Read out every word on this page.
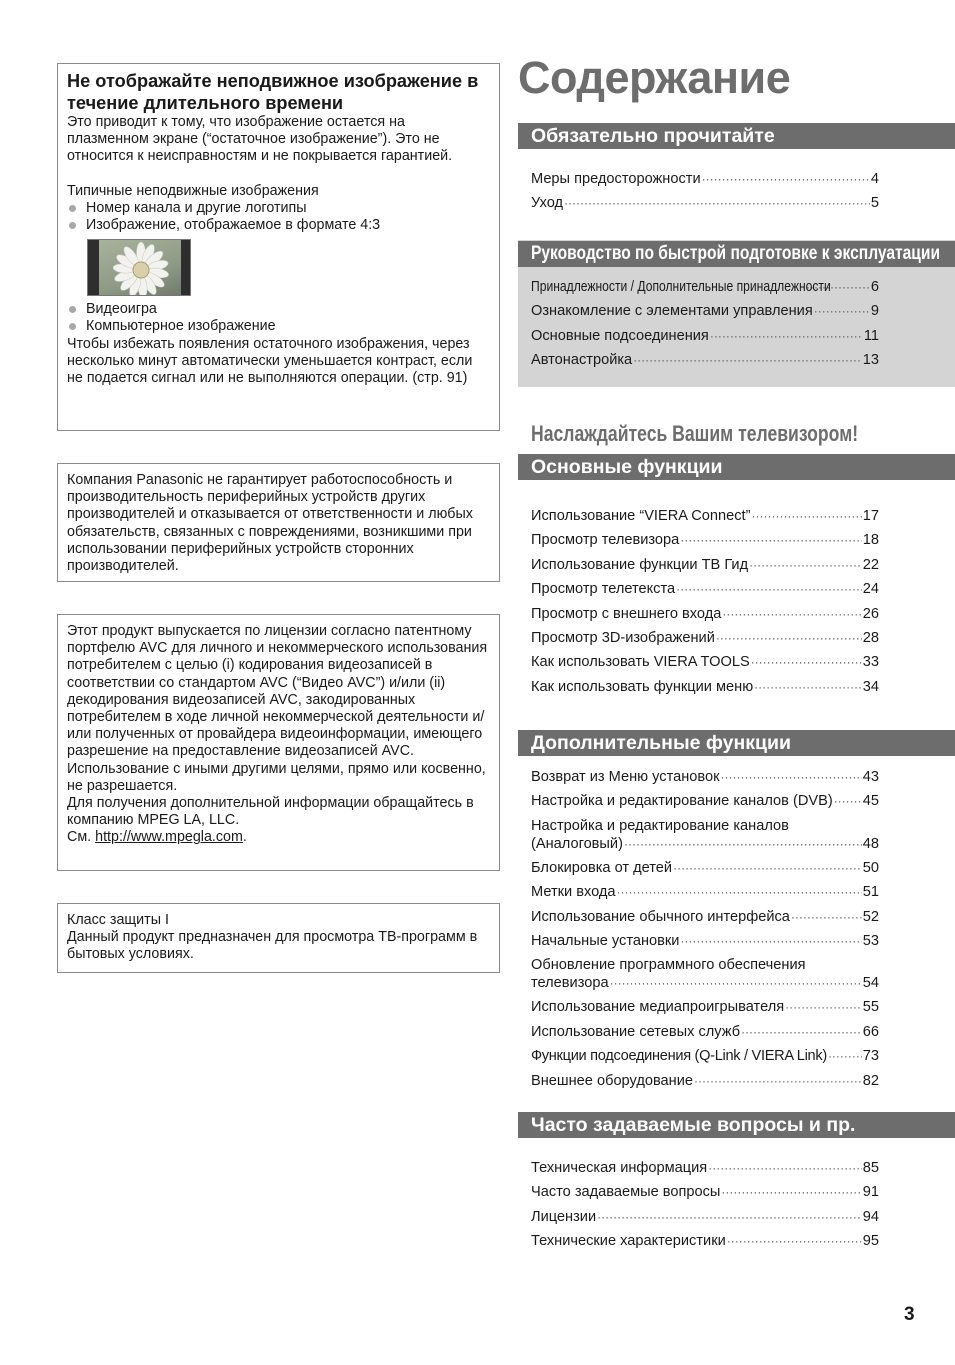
Не отображайте неподвижное изображение в течение длительного времени

Это приводит к тому, что изображение остается на плазменном экране (“остаточное изображение”). Это не относится к неисправностям и не покрывается гарантией.

Типичные неподвижные изображения

Номер канала и другие логотипы
Изображение, отображаемое в формате 4:3
Видеоигра
Компьютерное изображение

Чтобы избежать появления остаточного изображения, через несколько минут автоматически уменьшается контраст, если не подается сигнал или не выполняются операции. (стр. 91)

Компания Panasonic не гарантирует работоспособность и производительность периферийных устройств других производителей и отказывается от ответственности и любых обязательств, связанных с повреждениями, возникшими при использовании периферийных устройств сторонних производителей.

Этот продукт выпускается по лицензии согласно патентному портфелю AVC для личного и некоммерческого использования потребителем с целью (i) кодирования видеозаписей в соответствии со стандартом AVC (“Видео AVC”) и/или (ii) декодирования видеозаписей AVC, закодированных потребителем в ходе личной некоммерческой деятельности и/или полученных от провайдера видеоинформации, имеющего разрешение на предоставление видеозаписей AVC. Использование с иными другими целями, прямо или косвенно, не разрешается.

Для получения дополнительной информации обращайтесь в компанию MPEG LA, LLC.

См. http://www.mpegla.com.

Класс защиты I

Данный продукт предназначен для просмотра ТВ-программ в бытовых условиях.

Содержание
Обязательно прочитайте
Меры предосторожности ·····	4
Уход ·····	5
Руководство по быстрой подготовке к эксплуатации
Принадлежности / Дополнительные принадлежности ·····	6
Ознакомление с элементами управления ·····	9
Основные подсоединения ·····	11
Автонастройка ·····	13
Наслаждайтесь Вашим телевизором!
Основные функции
Использование “VIERA Connect” ·····	17
Просмотр телевизора ·····	18
Использование функции ТВ Гид ·····	22
Просмотр телетекста ·····	24
Просмотр с внешнего входа ·····	26
Просмотр 3D-изображений ·····	28
Как использовать VIERA TOOLS ·····	33
Как использовать функции меню ·····	34
Дополнительные функции
Возврат из Меню установок ·····	43
Настройка и редактирование каналов (DVB) ····· 45
Настройка и редактирование каналов
(Аналоговый) ·····	48
Блокировка от детей ·····	50
Метки входа ·····	51
Использование обычного интерфейса ·····	52
Начальные установки ·····	53
Обновление программного обеспечения
телевизора ·····	54
Использование медиапроигрывателя ·····	55
Использование сетевых служб ·····	66
Функции подсоединения (Q-Link / VIERA Link) ····· 73
Внешнее оборудование ·····	82
Часто задаваемые вопросы и пр.
Техническая информация ·····	85
Часто задаваемые вопросы ·····	91
Лицензии ·····	94
Технические характеристики ·····	95
3
